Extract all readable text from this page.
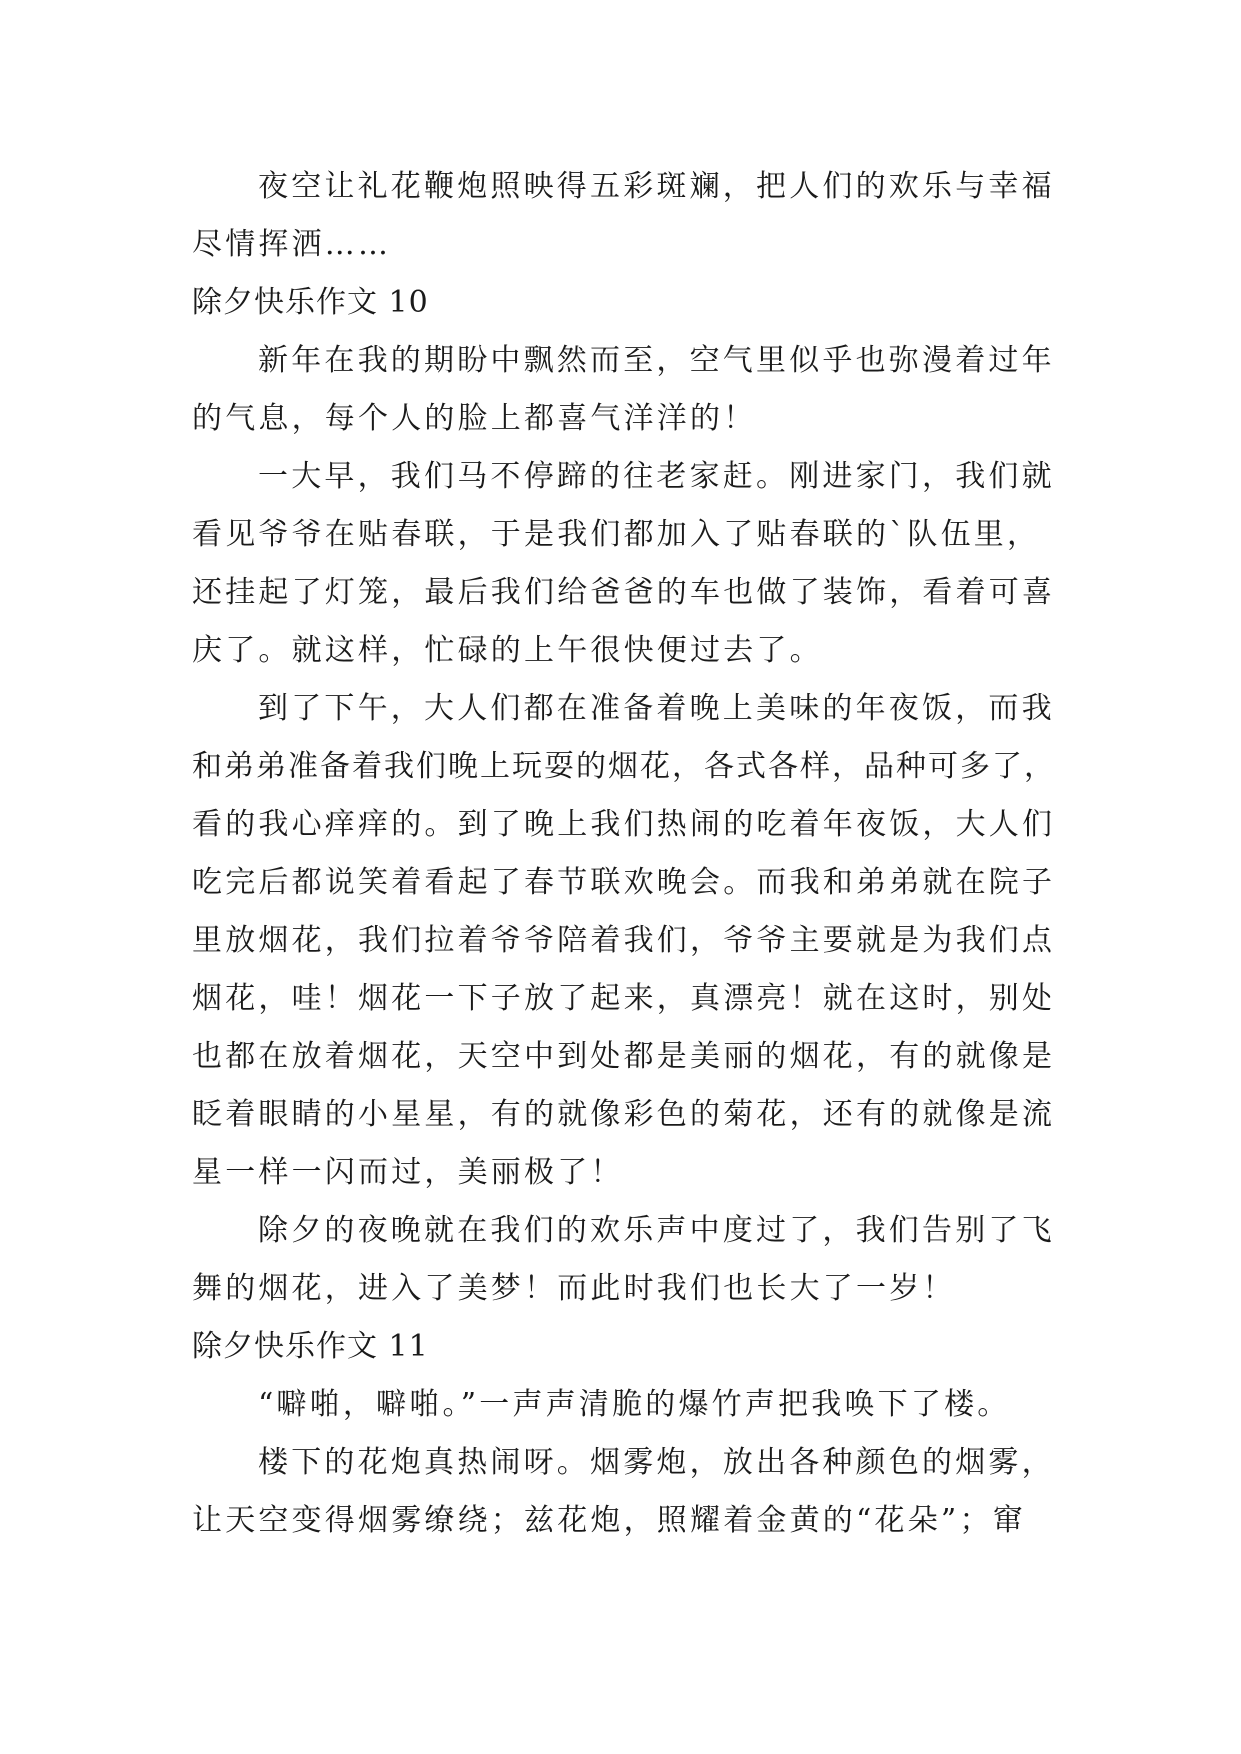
夜空让礼花鞭炮照映得五彩斑斓，把人们的欢乐与幸福
尽情挥洒……
除夕快乐作文 10
新年在我的期盼中飘然而至，空气里似乎也弥漫着过年
的气息，每个人的脸上都喜气洋洋的！
一大早，我们马不停蹄的往老家赶。刚进家门，我们就
看见爷爷在贴春联，于是我们都加入了贴春联的`队伍里，
还挂起了灯笼，最后我们给爸爸的车也做了装饰，看着可喜
庆了。就这样，忙碌的上午很快便过去了。
到了下午，大人们都在准备着晚上美味的年夜饭，而我
和弟弟准备着我们晚上玩耍的烟花，各式各样，品种可多了，
看的我心痒痒的。到了晚上我们热闹的吃着年夜饭，大人们
吃完后都说笑着看起了春节联欢晚会。而我和弟弟就在院子
里放烟花，我们拉着爷爷陪着我们，爷爷主要就是为我们点
烟花，哇！烟花一下子放了起来，真漂亮！就在这时，别处
也都在放着烟花，天空中到处都是美丽的烟花，有的就像是
眨着眼睛的小星星，有的就像彩色的菊花，还有的就像是流
星一样一闪而过，美丽极了！
除夕的夜晚就在我们的欢乐声中度过了，我们告别了飞
舞的烟花，进入了美梦！而此时我们也长大了一岁！
除夕快乐作文 11
“噼啪，噼啪。”一声声清脆的爆竹声把我唤下了楼。
楼下的花炮真热闹呀。烟雾炮，放出各种颜色的烟雾，
让天空变得烟雾缭绕；兹花炮，照耀着金黄的“花朵”；窜
